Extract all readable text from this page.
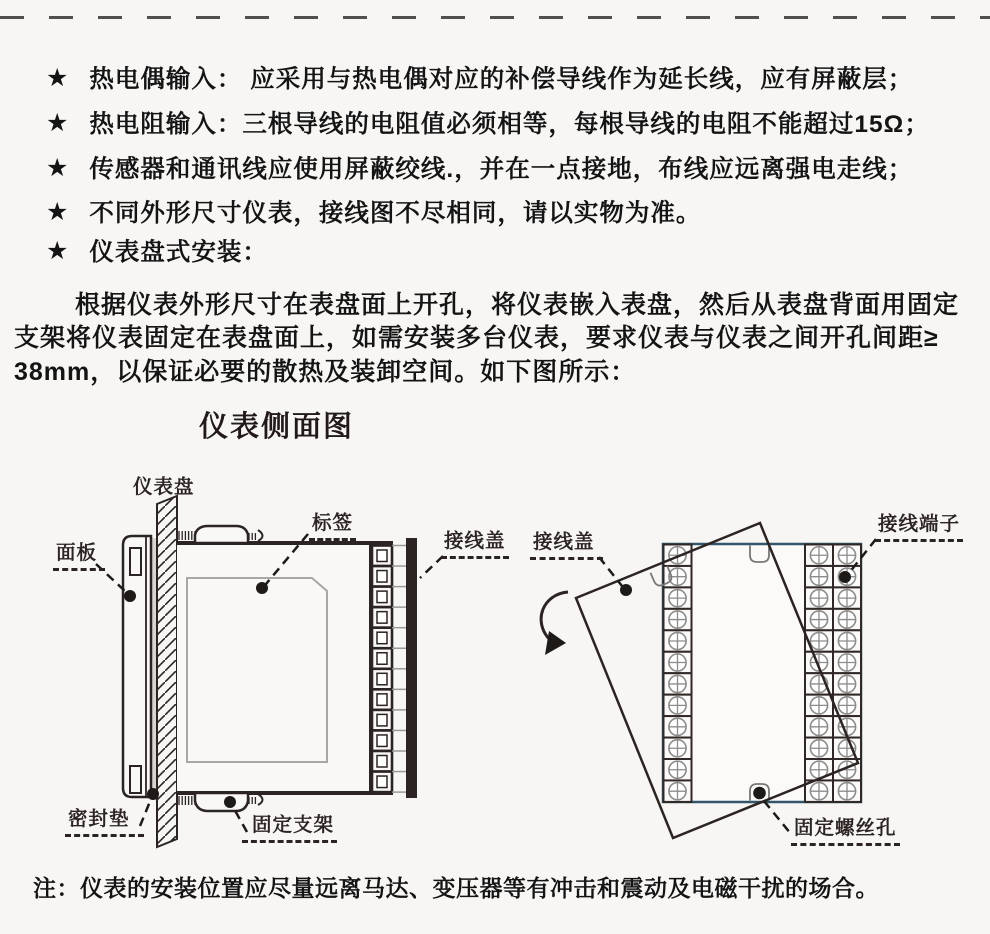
★ 热电偶输入： 应采用与热电偶对应的补偿导线作为延长线，应有屏蔽层；
★ 热电阻输入：三根导线的电阻值必须相等，每根导线的电阻不能超过15Ω；
★ 传感器和通讯线应使用屏蔽绞线.，并在一点接地，布线应远离强电走线；
★ 不同外形尺寸仪表，接线图不尽相同，请以实物为准。
★ 仪表盘式安装：
根据仪表外形尺寸在表盘面上开孔，将仪表嵌入表盘，然后从表盘背面用固定
支架将仪表固定在表盘面上，如需安装多台仪表，要求仪表与仪表之间开孔间距≥
38mm，以保证必要的散热及装卸空间。如下图所示：
仪表侧面图
仪表盘
面板
标签
接线盖
密封垫	固定支架
接线盖
接线端子
固定螺丝孔
注：仪表的安装位置应尽量远离马达、变压器等有冲击和震动及电磁干扰的场合。
